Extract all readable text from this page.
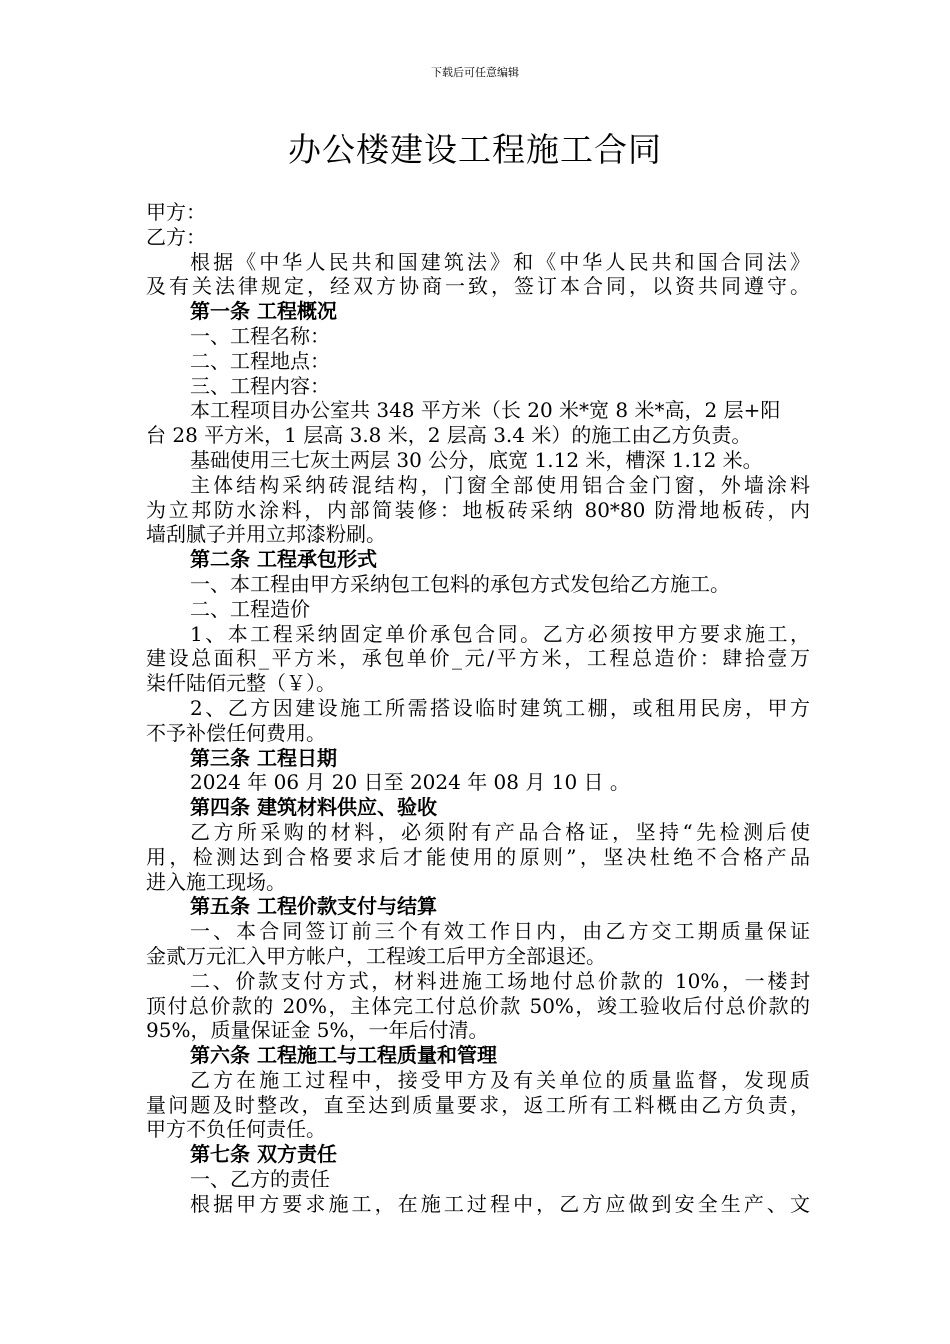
下载后可任意编辑
办公楼建设工程施工合同
甲方：
乙方：
根据《中华人民共和国建筑法》和《中华人民共和国合同法》
及有关法律规定，经双方协商一致，签订本合同，以资共同遵守。
第一条 工程概况
一、工程名称：
二、工程地点：
三、工程内容：
本工程项目办公室共 348 平方米（长 20 米*宽 8 米*高，2 层+阳
台 28 平方米，1 层高 3.8 米，2 层高 3.4 米）的施工由乙方负责。
基础使用三七灰土两层 30 公分，底宽 1.12 米，槽深 1.12 米。
主体结构采纳砖混结构，门窗全部使用铝合金门窗，外墙涂料
为立邦防水涂料，内部简装修：地板砖采纳 80*80 防滑地板砖，内
墙刮腻子并用立邦漆粉刷。
第二条 工程承包形式
一、本工程由甲方采纳包工包料的承包方式发包给乙方施工。
二、工程造价
1、本工程采纳固定单价承包合同。乙方必须按甲方要求施工，
建设总面积_平方米，承包单价_元/平方米，工程总造价：肆拾壹万
柒仟陆佰元整（￥）。
2、乙方因建设施工所需搭设临时建筑工棚，或租用民房，甲方
不予补偿任何费用。
第三条 工程日期
2024 年 06 月 20 日至 2024 年 08 月 10 日 。
第四条 建筑材料供应、验收
乙方所采购的材料，必须附有产品合格证，坚持“先检测后使
用，检测达到合格要求后才能使用的原则”，坚决杜绝不合格产品
进入施工现场。
第五条 工程价款支付与结算
一、本合同签订前三个有效工作日内，由乙方交工期质量保证
金贰万元汇入甲方帐户，工程竣工后甲方全部退还。
二、价款支付方式，材料进施工场地付总价款的 10%，一楼封
顶付总价款的 20%，主体完工付总价款 50%，竣工验收后付总价款的
95%，质量保证金 5%，一年后付清。
第六条 工程施工与工程质量和管理
乙方在施工过程中，接受甲方及有关单位的质量监督，发现质
量问题及时整改，直至达到质量要求，返工所有工料概由乙方负责，
甲方不负任何责任。
第七条 双方责任
一、乙方的责任
根据甲方要求施工，在施工过程中，乙方应做到安全生产、文
